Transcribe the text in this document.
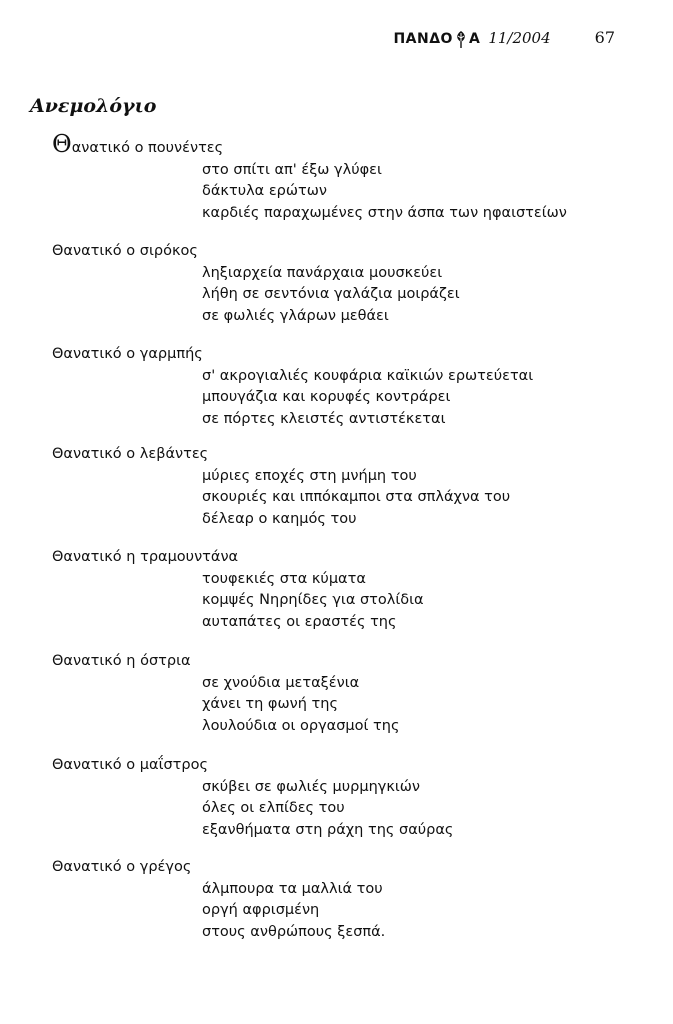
ΠΑΝΔΟ Α 11/2004	67
Ανεμολόγιο

Θανατικό ο πουνέντες

στο σπίτι απ' έξω γλύφει

δάκτυλα ερώτων

καρδιές παραχωμένες στην άσπα των ηφαιστείων

Θανατικό ο σιρόκος

ληξιαρχεία πανάρχαια μουσκεύει

λήθη σε σεντόνια γαλάζια μοιράζει

σε φωλιές γλάρων μεθάει

Θανατικό ο γαρμπής

σ' ακρογιαλιές κουφάρια καϊκιών ερωτεύεται

μπουγάζια και κορυφές κοντράρει

σε πόρτες κλειστές αντιστέκεται

Θανατικό ο λεβάντες

μύριες εποχές στη μνήμη του

σκουριές και ιππόκαμποι στα σπλάχνα του

δέλεαρ ο καημός του

Θανατικό η τραμουντάνα

τουφεκιές στα κύματα

κομψές Νηρηίδες για στολίδια

αυταπάτες οι εραστές της

Θανατικό η όστρια

σε χνούδια μεταξένια

χάνει τη φωνή της

λουλούδια οι οργασμοί της

Θανατικό ο μαΐστρος

σκύβει σε φωλιές μυρμηγκιών

όλες οι ελπίδες του

εξανθήματα στη ράχη της σαύρας

Θανατικό ο γρέγος

άλμπουρα τα μαλλιά του

οργή αφρισμένη

στους ανθρώπους ξεσπά.
